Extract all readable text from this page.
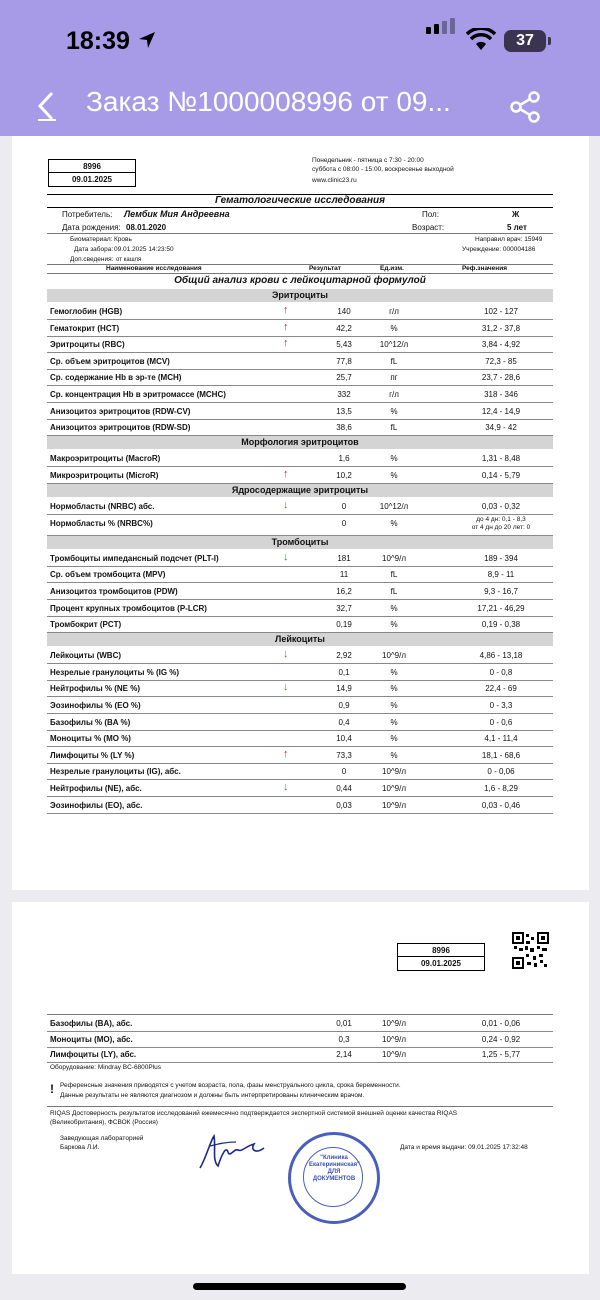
18:39	37
Заказ №1000008996 от 09...
8996
09.01.2025
Понедельник - пятница с 7:30 - 20:00
суббота с 08:00 - 15:00, воскресенье выходной
www.clinic23.ru
Гематологические исследования
Потребитель: Лембик Мия Андреевна	Пол:	Ж
Дата рождения: 08.01.2020	Возраст:	5 лет
Биоматериал: Кровь	Направил врач: 15949
Дата забора: 09.01.2025 14:23:50	Учреждение: 000004186
Доп.сведения: от кашля
Наименование исследования	Результат	Ед.изм.	Реф.значения
Общий анализ крови с лейкоцитарной формулой
Эритроциты
Гемоглобин (HGB)	↑	140	г/л	102 - 127
Гематокрит (HCT)	↑	42,2	%	31,2 - 37,8
Эритроциты (RBC)	↑	5,43	10^12/л	3,84 - 4,92
Ср. объем эритроцитов (MCV)	77,8	fL	72,3 - 85
Ср. содержание Hb в эр-те (MCH)	25,7	пг	23,7 - 28,6
Ср. концентрация Hb в эритромассе (MCHC)	332	г/л	318 - 346
Анизоцитоз эритроцитов (RDW-CV)	13,5	%	12,4 - 14,9
Анизоцитоз эритроцитов (RDW-SD)	38,6	fL	34,9 - 42
Морфология эритроцитов
Макроэритроциты (MacroR)	1,6	%	1,31 - 8,48
Микроэритроциты (MicroR)	↑	10,2	%	0,14 - 5,79
Ядросодержащие эритроциты
Нормобласты (NRBC) абс.	↓	0	10^12/л	0,03 - 0,32
Нормобласты % (NRBC%)	0	%	до 4 дн: 0,1 - 8,3
от 4 дн до 20 лет: 0
Тромбоциты
Тромбоциты импедансный подсчет (PLT-I)	↓	181	10^9/л	189 - 394
Ср. объем тромбоцита (MPV)	11	fL	8,9 - 11
Анизоцитоз тромбоцитов (PDW)	16,2	fL	9,3 - 16,7
Процент крупных тромбоцитов (P-LCR)	32,7	%	17,21 - 46,29
Тромбокрит (PCT)	0,19	%	0,19 - 0,38
Лейкоциты
Лейкоциты (WBC)	↓	2,92	10^9/л	4,86 - 13,18
Незрелые гранулоциты % (IG %)	0,1	%	0 - 0,8
Нейтрофилы % (NE %)	↓	14,9	%	22,4 - 69
Эозинофилы % (EO %)	0,9	%	0 - 3,3
Базофилы % (BA %)	0,4	%	0 - 0,6
Моноциты % (MO %)	10,4	%	4,1 - 11,4
Лимфоциты % (LY %)	↑	73,3	%	18,1 - 68,6
Незрелые гранулоциты (IG), абс.	0	10^9/л	0 - 0,06
Нейтрофилы (NE), абс.	↓	0,44	10^9/л	1,6 - 8,29
Эозинофилы (EO), абс.	0,03	10^9/л	0,03 - 0,46
8996
09.01.2025
Базофилы (BA), абс.	0,01	10^9/л	0,01 - 0,06
Моноциты (MO), абс.	0,3	10^9/л	0,24 - 0,92
Лимфоциты (LY), абс.	2,14	10^9/л	1,25 - 5,77
Оборудование: Mindray BC-6800Plus
! Референсные значения приводятся с учетом возраста, пола, фазы менструального цикла, срока беременности.
Данные результаты не являются диагнозом и должны быть интерпретированы клиническим врачом.
RIQAS Достоверность результатов исследований ежемесячно подтверждается экспертной системой внешней оценки качества RIQAS
(Великобритания), ФСВОК (Россия)
Заведующая лабораторией
Баркова Л.И.
"Клиника Екатерининская" ДЛЯ ДОКУМЕНТОВ
Дата и время выдачи: 09.01.2025 17:32:48
